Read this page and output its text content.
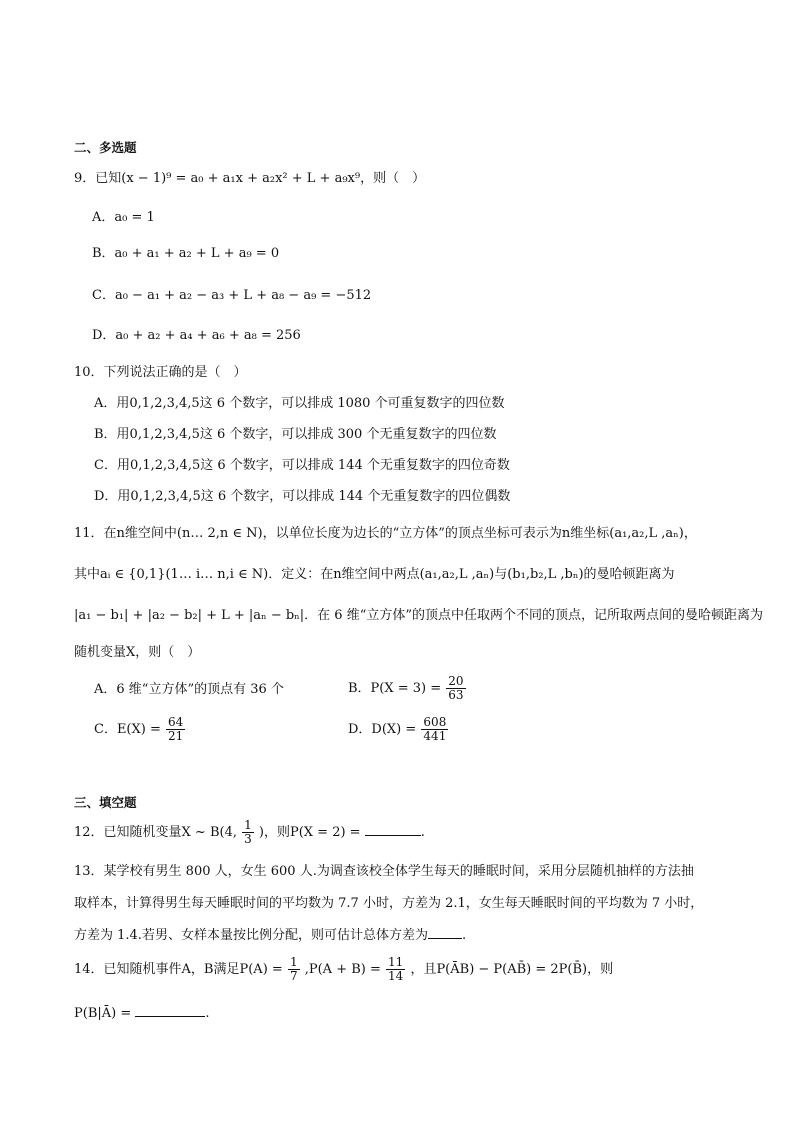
二、多选题
9．已知(x − 1)⁹ = a₀ + a₁x + a₂x² + L + a₉x⁹，则（　）
A．a₀ = 1
B．a₀ + a₁ + a₂ + L + a₉ = 0
C．a₀ − a₁ + a₂ − a₃ + L + a₈ − a₉ = −512
D．a₀ + a₂ + a₄ + a₆ + a₈ = 256
10．下列说法正确的是（　）
A．用0,1,2,3,4,5这 6 个数字，可以排成 1080 个可重复数字的四位数
B．用0,1,2,3,4,5这 6 个数字，可以排成 300 个无重复数字的四位数
C．用0,1,2,3,4,5这 6 个数字，可以排成 144 个无重复数字的四位奇数
D．用0,1,2,3,4,5这 6 个数字，可以排成 144 个无重复数字的四位偶数
11．在n维空间中(n… 2,n ∈ N)，以单位长度为边长的“立方体”的顶点坐标可表示为n维坐标(a₁,a₂,L ,aₙ)，
其中aᵢ ∈ {0,1}(1… i… n,i ∈ N)．定义：在n维空间中两点(a₁,a₂,L ,aₙ)与(b₁,b₂,L ,bₙ)的曼哈顿距离为
|a₁ − b₁| + |a₂ − b₂| + L + |aₙ − bₙ|．在 6 维“立方体”的顶点中任取两个不同的顶点，记所取两点间的曼哈顿距离为
随机变量X，则（　）
A．6 维“立方体”的顶点有 36 个	B．$P(X = 3) = \frac{20}{63}$
C．$E(X) = \frac{64}{21}$	D．$D(X) = \frac{608}{441}$
三、填空题
12．已知随机变量X ~ B(4, $\frac{1}{3}$ )，则P(X = 2) =	.
13．某学校有男生 800 人，女生 600 人.为调查该校全体学生每天的睡眠时间，采用分层随机抽样的方法抽
取样本，计算得男生每天睡眠时间的平均数为 7.7 小时，方差为 2.1，女生每天睡眠时间的平均数为 7 小时，
方差为 1.4.若男、女样本量按比例分配，则可估计总体方差为	.
14．已知随机事件A，B满足$P(A) = \frac{1}{7} ,P(A + B) = \frac{11}{14}$ ，且P(ĀB) − P(AB̄) = 2P(B̄)，则
P(B|Ā) =	.
